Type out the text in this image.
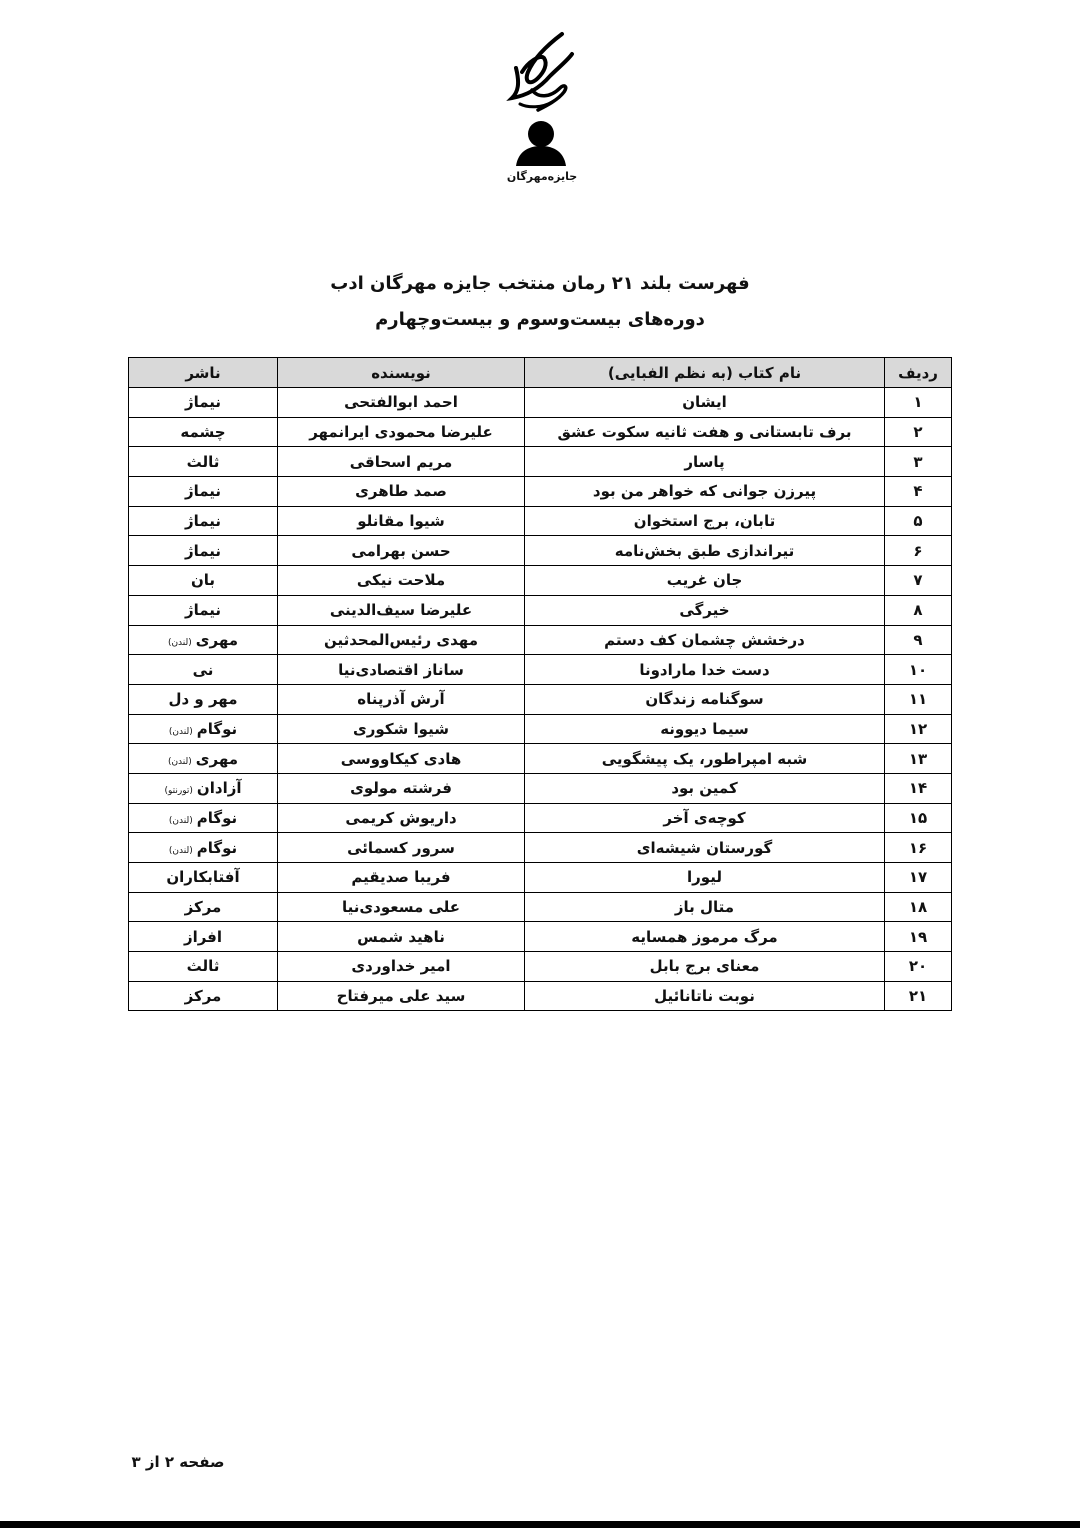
جایزه‌مهرگان
فهرست بلند ۲۱ رمان منتخب جایزه مهرگان ادب
دوره‌های بیست‌وسوم و بیست‌وچهارم
ردیف	نام کتاب (به نظم الفبایی)	نویسنده	ناشر
۱	ایشان	احمد ابوالفتحی	نیماژ
۲	برف تابستانی و هفت ثانیه سکوت عشق	علیرضا محمودی ایرانمهر	چشمه
۳	پاسار	مریم اسحاقی	ثالث
۴	پیرزن جوانی که خواهر من بود	صمد طاهری	نیماژ
۵	تابان، برج استخوان	شیوا مقانلو	نیماژ
۶	تیراندازی طبق بخش‌نامه	حسن بهرامی	نیماژ
۷	جان غریب	ملاحت نیکی	بان
۸	خیرگی	علیرضا سیف‌الدینی	نیماژ
۹	درخشش چشمان کف دستم	مهدی رئیس‌المحدثین	مهری(لندن)
۱۰	دست خدا مارادونا	ساناز اقتصادی‌نیا	نی
۱۱	سوگنامه زندگان	آرش آذرپناه	مهر و دل
۱۲	سیما دیوونه	شیوا شکوری	نوگام(لندن)
۱۳	شبه امپراطور، یک پیشگویی	هادی کیکاووسی	مهری(لندن)
۱۴	کمین بود	فرشته مولوی	آزادان(تورنتو)
۱۵	کوچه‌ی آخر	داریوش کریمی	نوگام(لندن)
۱۶	گورستان شیشه‌ای	سرور کسمائی	نوگام(لندن)
۱۷	لیورا	فریبا صدیقیم	آفتابکاران
۱۸	متال باز	علی مسعودی‌نیا	مرکز
۱۹	مرگ مرموز همسایه	ناهید شمس	افراز
۲۰	معنای برج بابل	امیر خداوردی	ثالث
۲۱	نوبت ناتانائیل	سید علی میرفتاح	مرکز
صفحه ۲ از ۳
